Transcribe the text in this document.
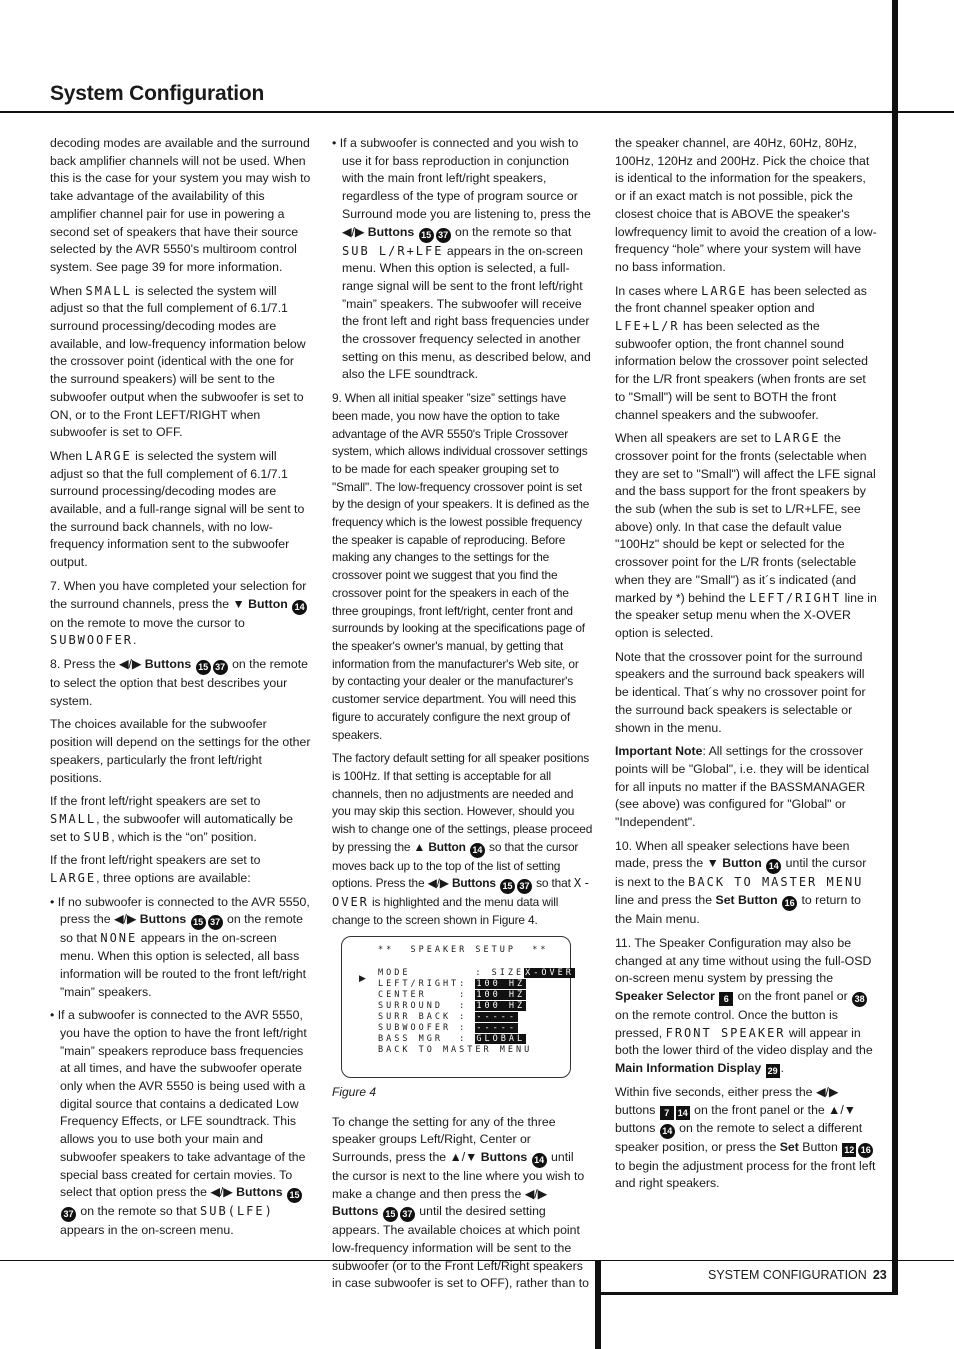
System Configuration

decoding modes are available and the surround back amplifier channels will not be used. When this is the case for your system you may wish to take advantage of the availability of this amplifier channel pair for use in powering a second set of speakers that have their source selected by the AVR 5550's multiroom control system. See page 39 for more information.

When SMALL is selected the system will adjust so that the full complement of 6.1/7.1 surround processing/decoding modes are available, and low-frequency information below the crossover point (identical with the one for the surround speakers) will be sent to the subwoofer output when the subwoofer is set to ON, or to the Front LEFT/RIGHT when subwoofer is set to OFF.

When LARGE is selected the system will adjust so that the full complement of 6.1/7.1 surround processing/decoding modes are available, and a full-range signal will be sent to the surround back channels, with no low-frequency information sent to the subwoofer output.

7. When you have completed your selection for the surround channels, press the ▼ Button 14 on the remote to move the cursor to SUBWOOFER.

8. Press the ◀/▶ Buttons 15 37 on the remote to select the option that best describes your system.

The choices available for the subwoofer position will depend on the settings for the other speakers, particularly the front left/right positions.

If the front left/right speakers are set to SMALL, the subwoofer will automatically be set to SUB, which is the “on” position.

If the front left/right speakers are set to LARGE, three options are available:

• If no subwoofer is connected to the AVR 5550, press the ◀/▶ Buttons 15 37 on the remote so that NONE appears in the on-screen menu. When this option is selected, all bass information will be routed to the front left/right ”main” speakers.

• If a subwoofer is connected to the AVR 5550, you have the option to have the front left/right ”main” speakers reproduce bass frequencies at all times, and have the subwoofer operate only when the AVR 5550 is being used with a digital source that contains a dedicated Low Frequency Effects, or LFE soundtrack. This allows you to use both your main and subwoofer speakers to take advantage of the special bass created for certain movies. To select that option press the ◀/▶ Buttons 1537 on the remote so that SUB(LFE) appears in the on-screen menu.

• If a subwoofer is connected and you wish to use it for bass reproduction in conjunction with the main front left/right speakers, regardless of the type of program source or Surround mode you are listening to, press the ◀/▶ Buttons 15 37 on the remote so that SUB L/R+LFE appears in the on-screen menu. When this option is selected, a full-range signal will be sent to the front left/right ”main” speakers. The subwoofer will receive the front left and right bass frequencies under the crossover frequency selected in another setting on this menu, as described below, and also the LFE soundtrack.

9. When all initial speaker ”size” settings have been made, you now have the option to take advantage of the AVR 5550's Triple Crossover system, which allows individual crossover settings to be made for each speaker grouping set to "Small". The low-frequency crossover point is set by the design of your speakers. It is defined as the frequency which is the lowest possible frequency the speaker is capable of reproducing. Before making any changes to the settings for the crossover point we suggest that you find the crossover point for the speakers in each of the three groupings, front left/right, center front and surrounds by looking at the specifications page of the speaker's owner's manual, by getting that information from the manufacturer's Web site, or by contacting your dealer or the manufacturer's customer service department. You will need this figure to accurately configure the next group of speakers.

The factory default setting for all speaker positions is 100Hz. If that setting is acceptable for all channels, then no adjustments are needed and you may skip this section. However, should you wish to change one of the settings, please proceed by pressing the ▲ Button 14 so that the cursor moves back up to the top of the list of setting options. Press the ◀/▶ Buttons 15 37 so that X-OVER is highlighted and the menu data will change to the screen shown in Figure 4.

**  SPEAKER SETUP  **
▶ MODE        : SIZEX-OVER
LEFT/RIGHT: 100 HZ
CENTER    : 100 HZ
SURROUND  : 100 HZ
SURR BACK : -----
SUBWOOFER : -----
BASS MGR  : GLOBAL
BACK TO MASTER MENU
Figure 4

To change the setting for any of the three speaker groups Left/Right, Center or Surrounds, press the ▲/▼ Buttons 14 until the cursor is next to the line where you wish to make a change and then press the ◀/▶ Buttons 15 37 until the desired setting appears. The available choices at which point low-frequency information will be sent to the subwoofer (or to the Front Left/Right speakers in case subwoofer is set to OFF), rather than to

the speaker channel, are 40Hz, 60Hz, 80Hz, 100Hz, 120Hz and 200Hz. Pick the choice that is identical to the information for the speakers, or if an exact match is not possible, pick the closest choice that is ABOVE the speaker's lowfrequency limit to avoid the creation of a low-frequency “hole” where your system will have no bass information.

In cases where LARGE has been selected as the front channel speaker option and LFE+L/R has been selected as the subwoofer option, the front channel sound information below the crossover point selected for the L/R front speakers (when fronts are set to "Small") will be sent to BOTH the front channel speakers and the subwoofer.

When all speakers are set to LARGE the crossover point for the fronts (selectable when they are set to "Small") will affect the LFE signal and the bass support for the front speakers by the sub (when the sub is set to L/R+LFE, see above) only. In that case the default value "100Hz" should be kept or selected for the crossover point for the L/R fronts (selectable when they are "Small") as it´s indicated (and marked by *) behind the LEFT/RIGHT line in the speaker setup menu when the X-OVER option is selected.

Note that the crossover point for the surround speakers and the surround back speakers will be identical. That´s why no crossover point for the surround back speakers is selectable or shown in the menu.

Important Note: All settings for the crossover points will be "Global", i.e. they will be identical for all inputs no matter if the BASSMANAGER (see above) was configured for "Global" or "Independent".

10. When all speaker selections have been made, press the ▼ Button 14 until the cursor is next to the BACK TO MASTER MENU line and press the Set Button 16 to return to the Main menu.

11. The Speaker Configuration may also be changed at any time without using the full-OSD on-screen menu system by pressing the Speaker Selector 6 on the front panel or 38 on the remote control. Once the button is pressed, FRONT SPEAKER will appear in both the lower third of the video display and the Main Information Display 29 .

Within five seconds, either press the ◀/▶ buttons 7 14 on the front panel or the ▲/▼ buttons 14 on the remote to select a different speaker position, or press the Set Button 12 16 to begin the adjustment process for the front left and right speakers.

SYSTEM CONFIGURATION 23
